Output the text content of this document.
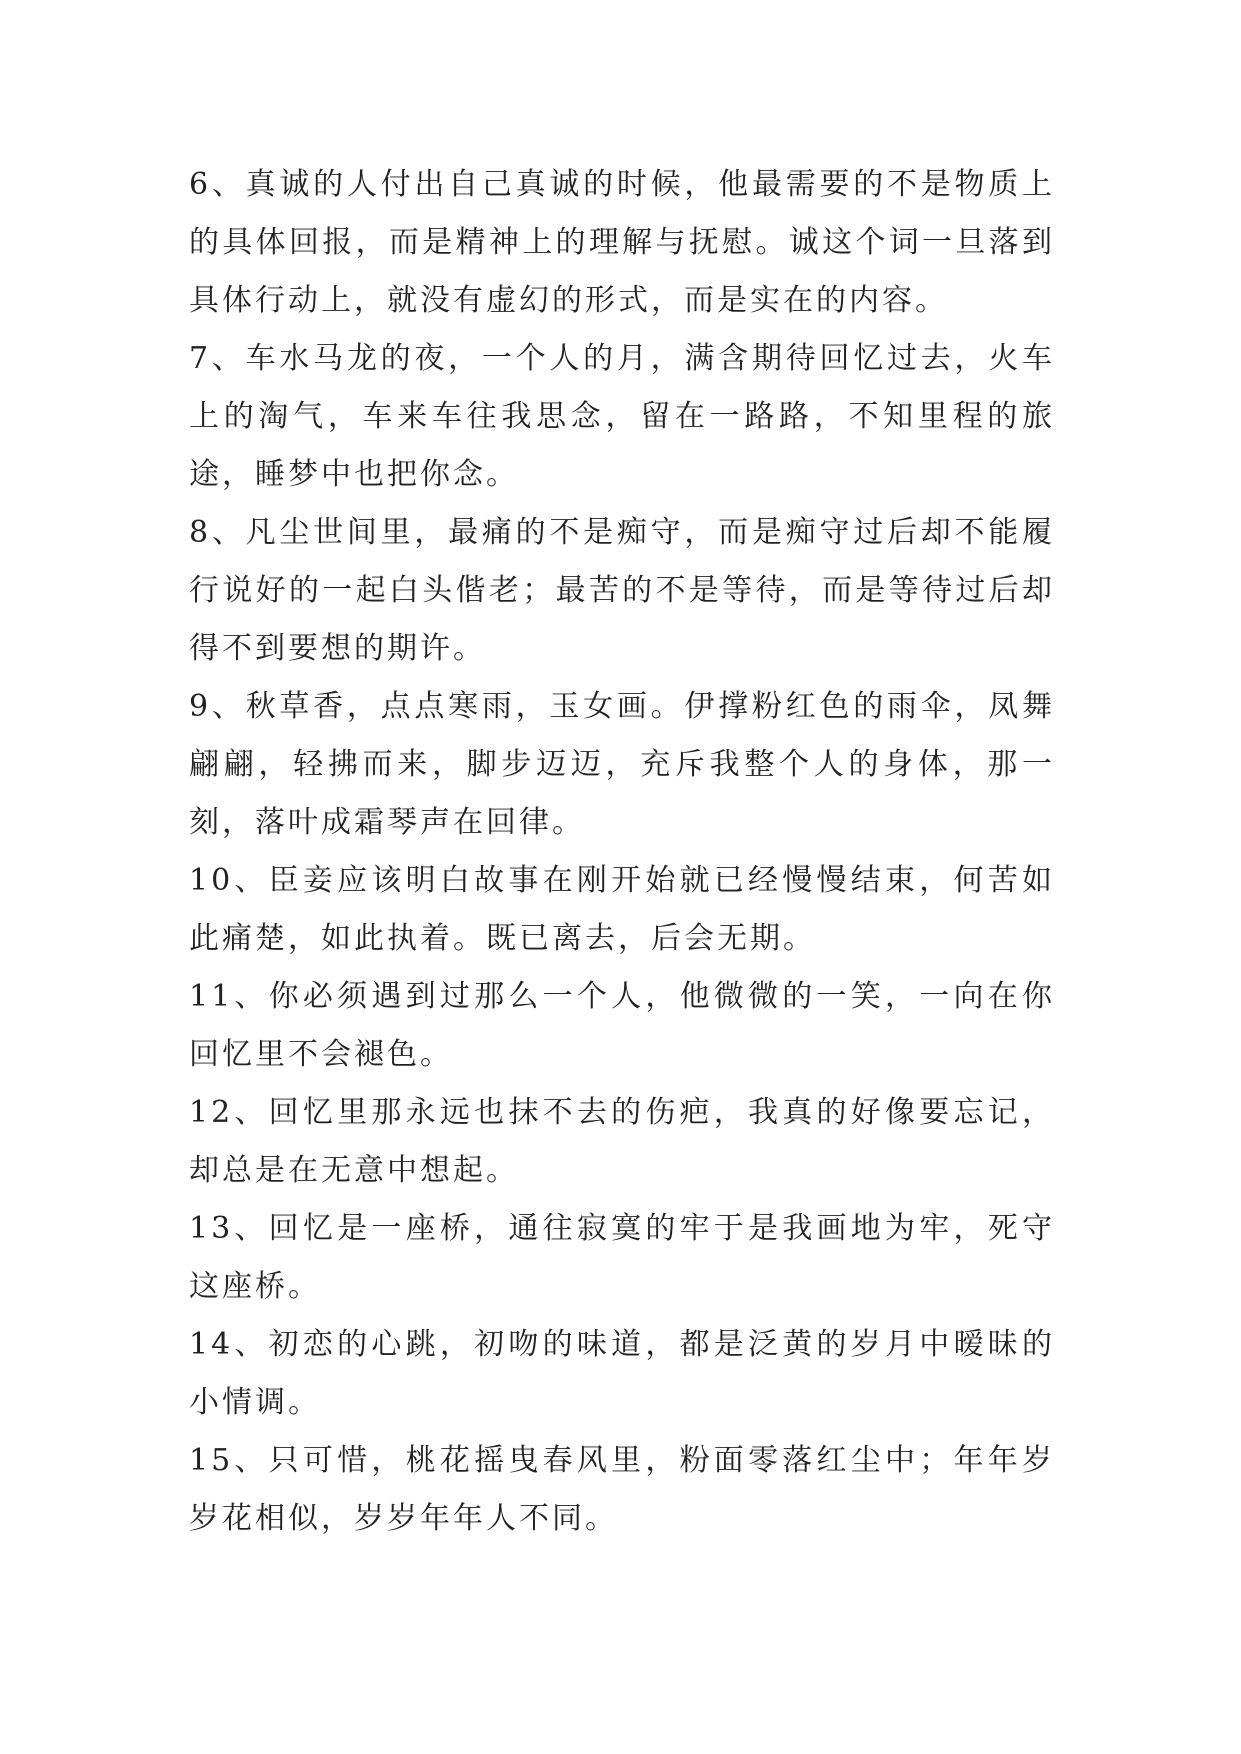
6、真诚的人付出自己真诚的时候，他最需要的不是物质上的具体回报，而是精神上的理解与抚慰。诚这个词一旦落到具体行动上，就没有虚幻的形式，而是实在的内容。

7、车水马龙的夜，一个人的月，满含期待回忆过去，火车上的淘气，车来车往我思念，留在一路路，不知里程的旅途，睡梦中也把你念。

8、凡尘世间里，最痛的不是痴守，而是痴守过后却不能履行说好的一起白头偕老；最苦的不是等待，而是等待过后却得不到要想的期许。

9、秋草香，点点寒雨，玉女画。伊撑粉红色的雨伞，凤舞翩翩，轻拂而来，脚步迈迈，充斥我整个人的身体，那一刻，落叶成霜琴声在回律。

10、臣妾应该明白故事在刚开始就已经慢慢结束，何苦如此痛楚，如此执着。既已离去，后会无期。

11、你必须遇到过那么一个人，他微微的一笑，一向在你回忆里不会褪色。

12、回忆里那永远也抹不去的伤疤，我真的好像要忘记，却总是在无意中想起。

13、回忆是一座桥，通往寂寞的牢于是我画地为牢，死守这座桥。

14、初恋的心跳，初吻的味道，都是泛黄的岁月中暧昧的小情调。

15、只可惜，桃花摇曳春风里，粉面零落红尘中；年年岁岁花相似，岁岁年年人不同。
